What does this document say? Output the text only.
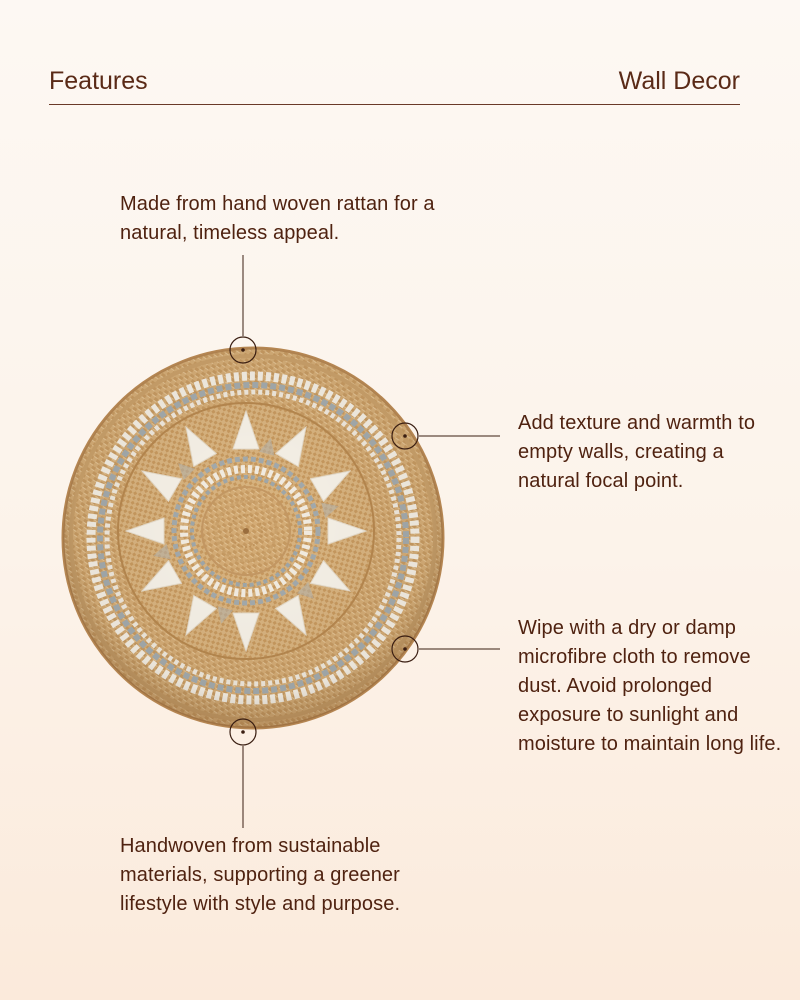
Features	Wall Decor
Made from hand woven rattan for a natural, timeless appeal.
Add texture and warmth to empty walls, creating a natural focal point.
Wipe with a dry or damp microfibre cloth to remove dust. Avoid prolonged exposure to sunlight and moisture to maintain long life.
Handwoven from sustainable materials, supporting a greener lifestyle with style and purpose.
